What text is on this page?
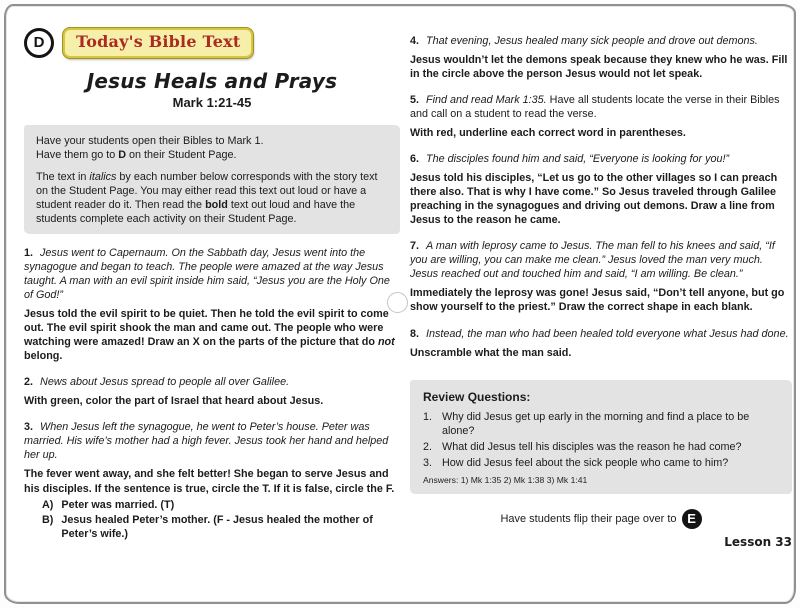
D	Today's Bible Text
Jesus Heals and Prays
Mark 1:21-45

Have your students open their Bibles to Mark 1.
Have them go to D on their Student Page.

The text in italics by each number below corresponds with the story text on the Student Page. You may either read this text out loud or have a student reader do it. Then read the bold text out loud and have the students complete each activity on their Student Page.

1. Jesus went to Capernaum. On the Sabbath day, Jesus went into the synagogue and began to teach. The people were amazed at the way Jesus taught. A man with an evil spirit inside him said, “Jesus you are the Holy One of God!”

Jesus told the evil spirit to be quiet. Then he told the evil spirit to come out. The evil spirit shook the man and came out. The people who were watching were amazed! Draw an X on the parts of the picture that do not belong.

2. News about Jesus spread to people all over Galilee.

With green, color the part of Israel that heard about Jesus.

3. When Jesus left the synagogue, he went to Peter’s house. Peter was married. His wife’s mother had a high fever. Jesus took her hand and helped her up.

The fever went away, and she felt better! She began to serve Jesus and his disciples. If the sentence is true, circle the T. If it is false, circle the F.

A) Peter was married. (T)
B) Jesus healed Peter’s mother. (F - Jesus healed the mother of Peter’s wife.)

4. That evening, Jesus healed many sick people and drove out demons.

Jesus wouldn’t let the demons speak because they knew who he was. Fill in the circle above the person Jesus would not let speak.

5. Find and read Mark 1:35. Have all students locate the verse in their Bibles and call on a student to read the verse.

With red, underline each correct word in parentheses.

6. The disciples found him and said, “Everyone is looking for you!”

Jesus told his disciples, “Let us go to the other villages so I can preach there also. That is why I have come.” So Jesus traveled through Galilee preaching in the synagogues and driving out demons. Draw a line from Jesus to the reason he came.

7. A man with leprosy came to Jesus. The man fell to his knees and said, “If you are willing, you can make me clean.” Jesus loved the man very much. Jesus reached out and touched him and said, “I am willing. Be clean.”

Immediately the leprosy was gone! Jesus said, “Don’t tell anyone, but go show yourself to the priest.” Draw the correct shape in each blank.

8. Instead, the man who had been healed told everyone what Jesus had done.

Unscramble what the man said.

Review Questions:
1. Why did Jesus get up early in the morning and find a place to be alone?
2. What did Jesus tell his disciples was the reason he had come?
3. How did Jesus feel about the sick people who came to him?
Answers: 1) Mk 1:35 2) Mk 1:38 3) Mk 1:41
Have students flip their page over to E
Lesson 33
